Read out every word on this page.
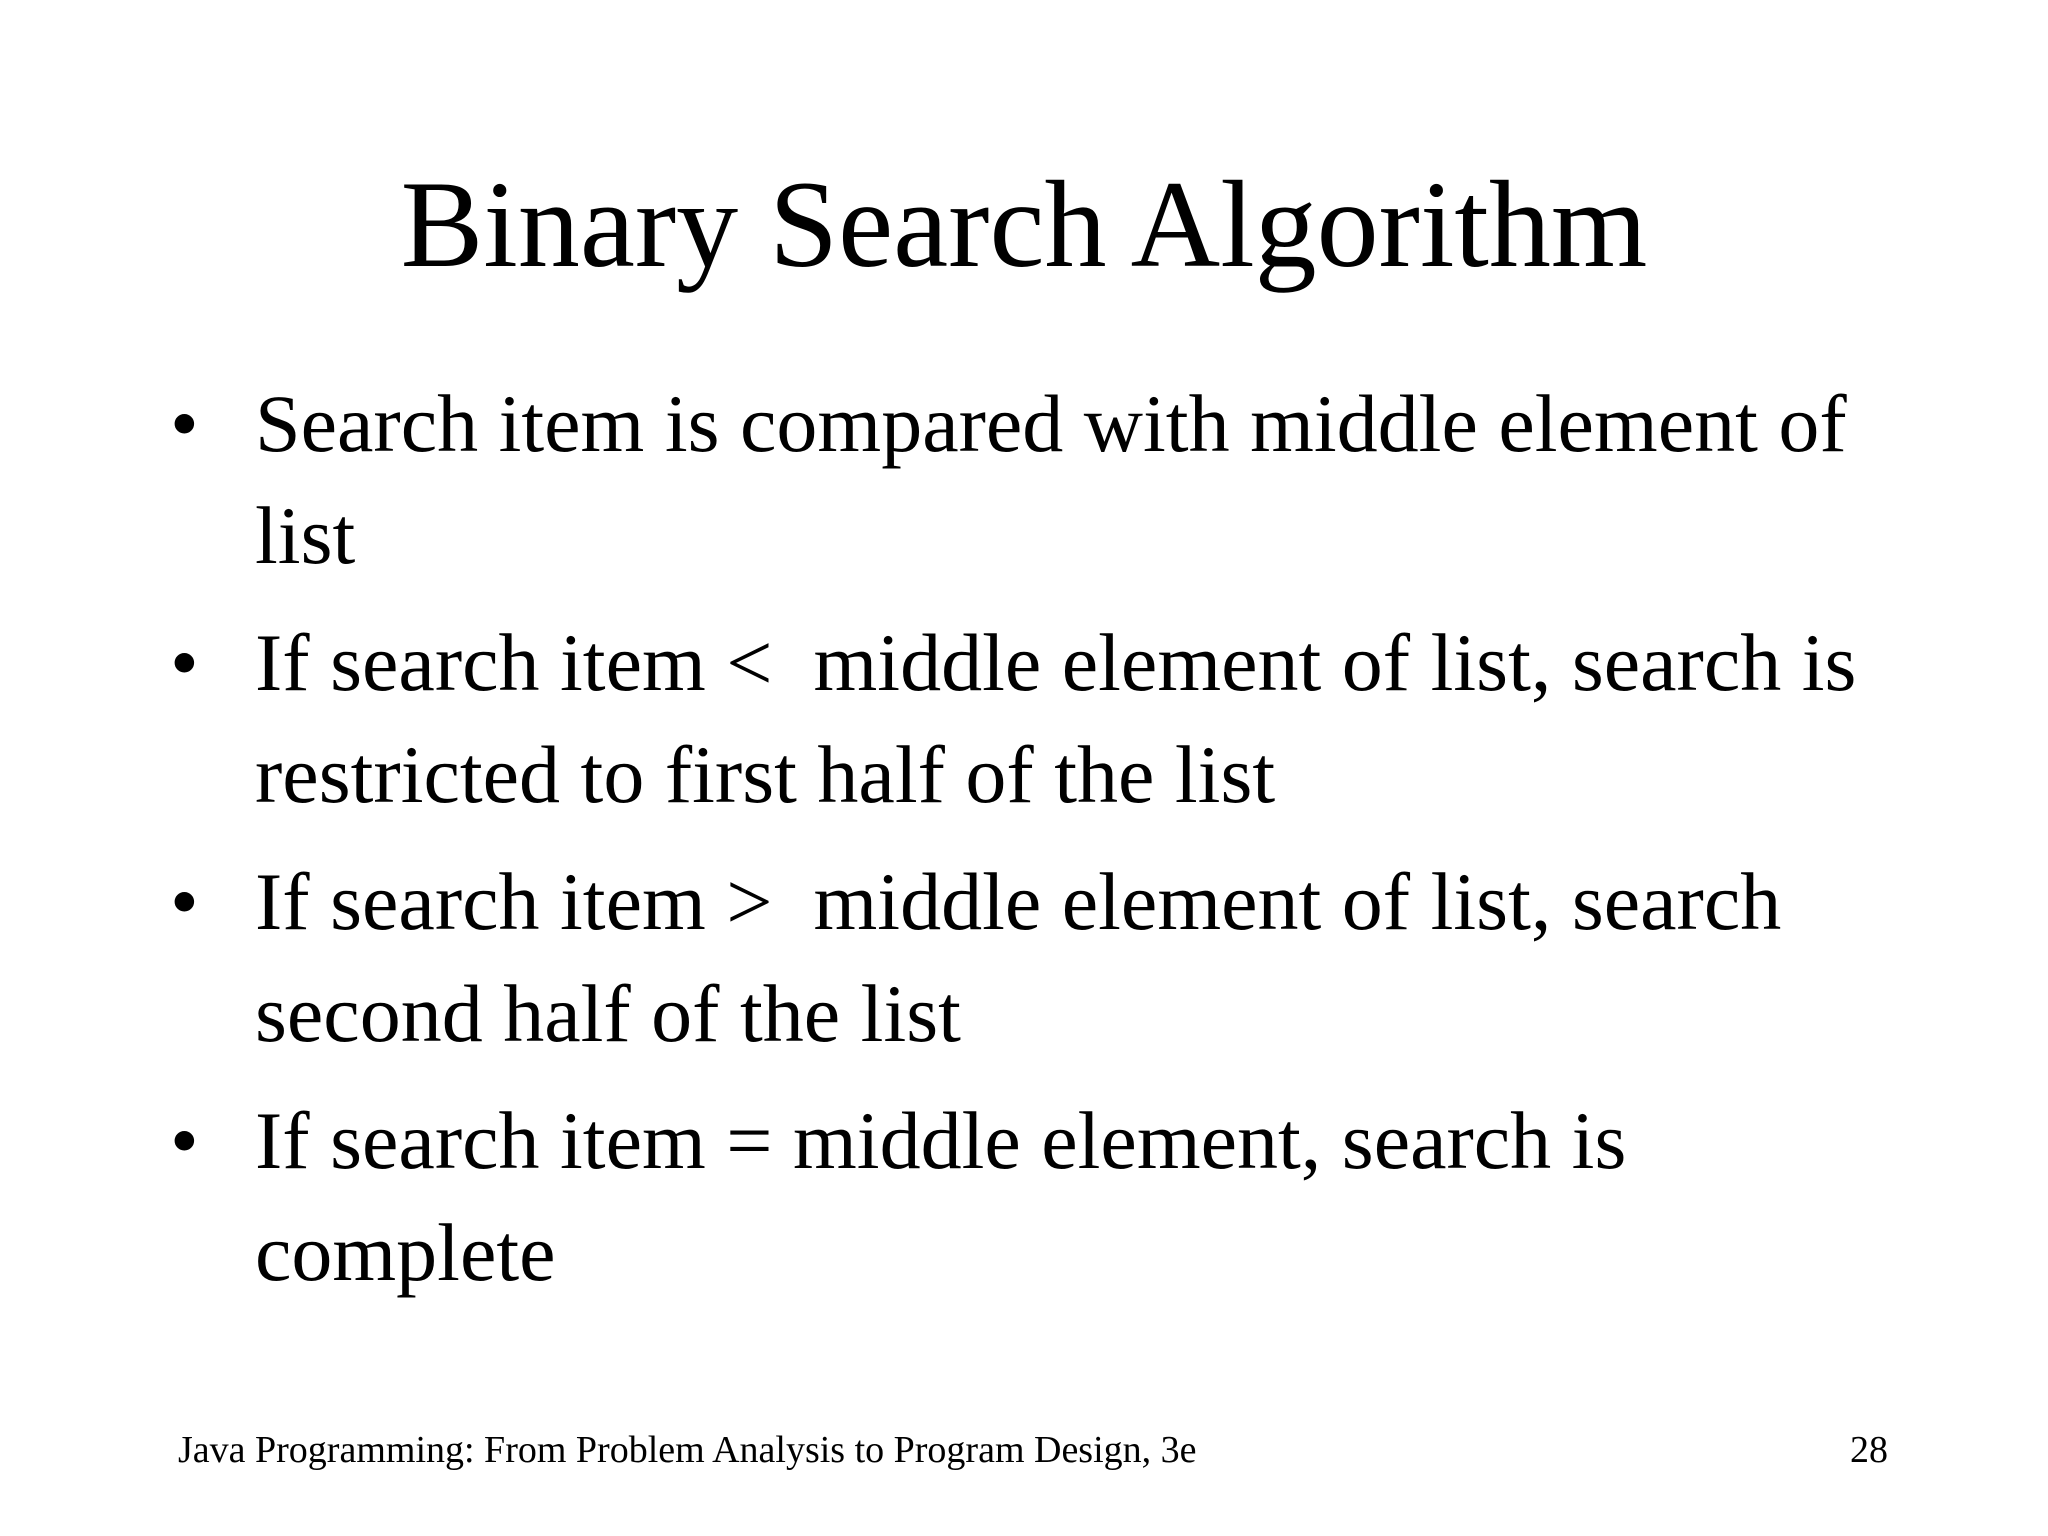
Binary Search Algorithm
• Search item is compared with middle element of list
• If search item <  middle element of list, search is restricted to first half of the list
• If search item >  middle element of list, search second half of the list
• If search item = middle element, search is complete
Java Programming: From Problem Analysis to Program Design, 3e	28
